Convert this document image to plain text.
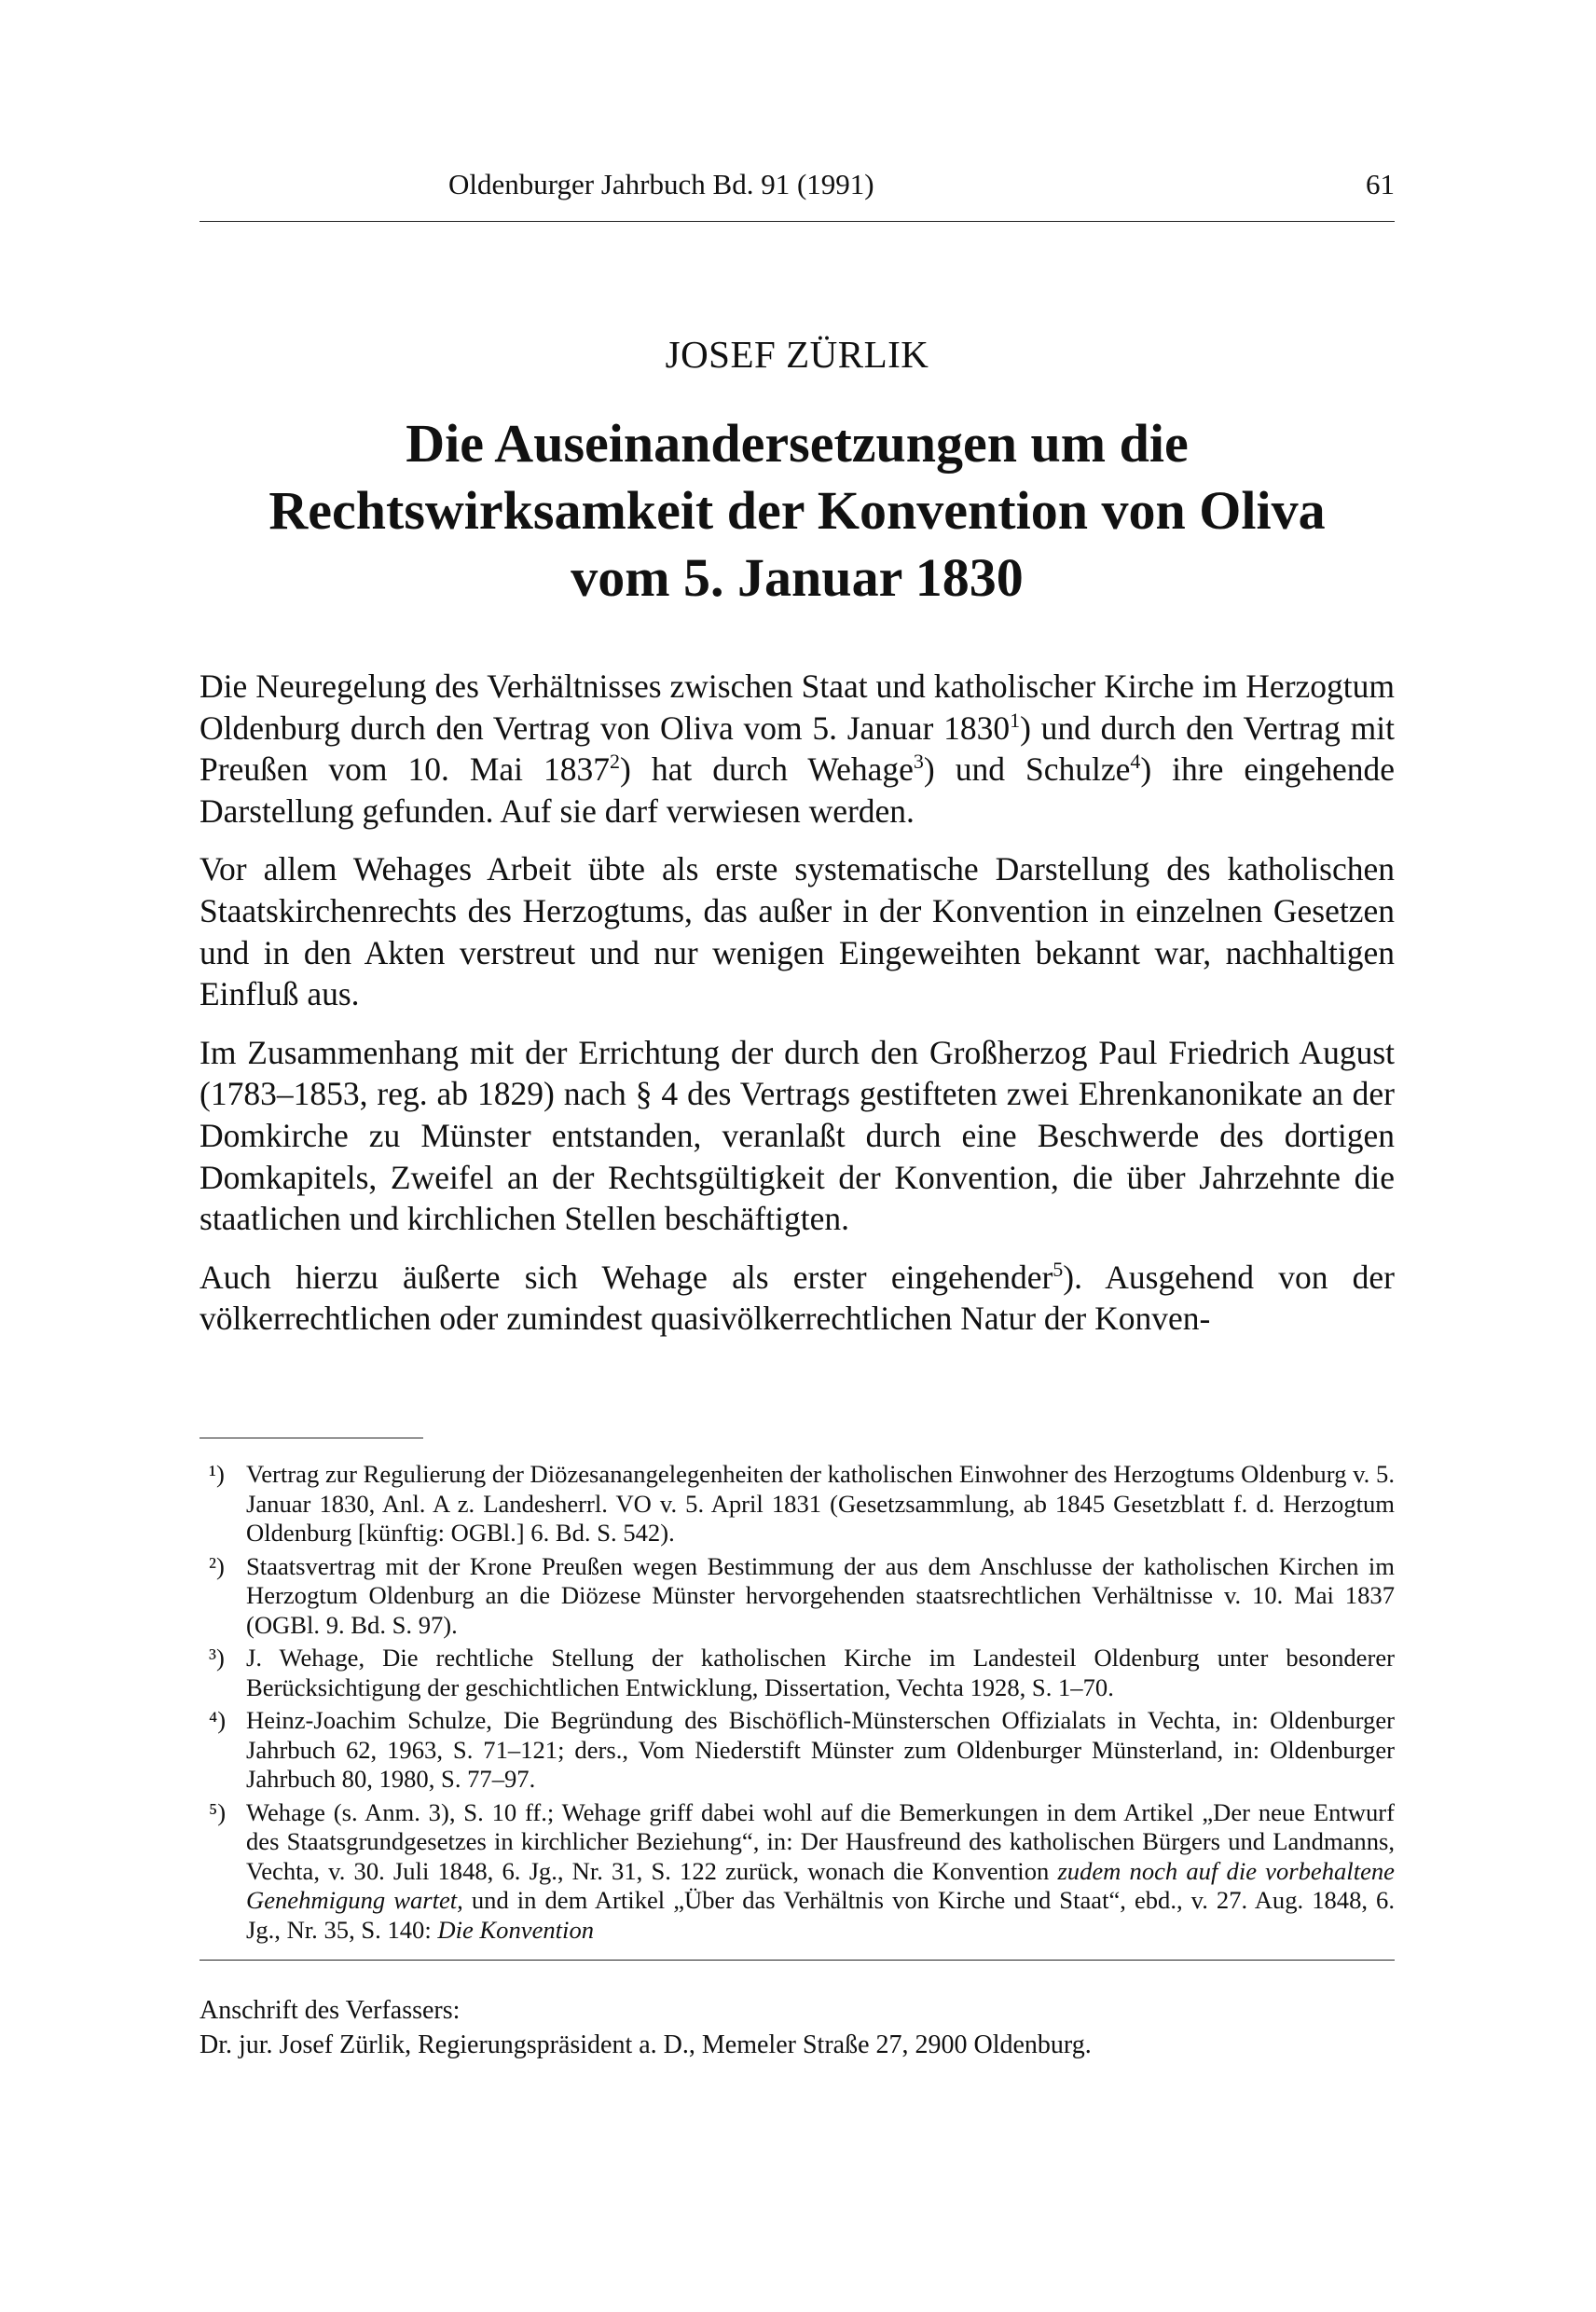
Oldenburger Jahrbuch Bd. 91 (1991)	61
JOSEF ZÜRLIK
Die Auseinandersetzungen um die
Rechtswirksamkeit der Konvention von Oliva
vom 5. Januar 1830

Die Neuregelung des Verhältnisses zwischen Staat und katholischer Kirche im Herzogtum Oldenburg durch den Vertrag von Oliva vom 5. Januar 1830$^1$) und durch den Vertrag mit Preußen vom 10. Mai 1837$^2$) hat durch Wehage$^3$) und Schulze$^4$) ihre eingehende Darstellung gefunden. Auf sie darf verwiesen werden.

Vor allem Wehages Arbeit übte als erste systematische Darstellung des katholischen Staatskirchenrechts des Herzogtums, das außer in der Konvention in einzelnen Gesetzen und in den Akten verstreut und nur wenigen Eingeweihten bekannt war, nachhaltigen Einfluß aus.

Im Zusammenhang mit der Errichtung der durch den Großherzog Paul Friedrich August (1783–1853, reg. ab 1829) nach § 4 des Vertrags gestifteten zwei Ehrenkanonikate an der Domkirche zu Münster entstanden, veranlaßt durch eine Beschwerde des dortigen Domkapitels, Zweifel an der Rechtsgültigkeit der Konvention, die über Jahrzehnte die staatlichen und kirchlichen Stellen beschäftigten.

Auch hierzu äußerte sich Wehage als erster eingehender$^5$). Ausgehend von der völkerrechtlichen oder zumindest quasivölkerrechtlichen Natur der Konven-

¹) Vertrag zur Regulierung der Diözesanangelegenheiten der katholischen Einwohner des Herzogtums Oldenburg v. 5. Januar 1830, Anl. A z. Landesherrl. VO v. 5. April 1831 (Gesetzsammlung, ab 1845 Gesetzblatt f. d. Herzogtum Oldenburg [künftig: OGBl.] 6. Bd. S. 542).
²) Staatsvertrag mit der Krone Preußen wegen Bestimmung der aus dem Anschlusse der katholischen Kirchen im Herzogtum Oldenburg an die Diözese Münster hervorgehenden staatsrechtlichen Verhältnisse v. 10. Mai 1837 (OGBl. 9. Bd. S. 97).
³) J. Wehage, Die rechtliche Stellung der katholischen Kirche im Landesteil Oldenburg unter besonderer Berücksichtigung der geschichtlichen Entwicklung, Dissertation, Vechta 1928, S. 1–70.
⁴) Heinz-Joachim Schulze, Die Begründung des Bischöflich-Münsterschen Offizialats in Vechta, in: Oldenburger Jahrbuch 62, 1963, S. 71–121; ders., Vom Niederstift Münster zum Oldenburger Münsterland, in: Oldenburger Jahrbuch 80, 1980, S. 77–97.
⁵) Wehage (s. Anm. 3), S. 10 ff.; Wehage griff dabei wohl auf die Bemerkungen in dem Artikel „Der neue Entwurf des Staatsgrundgesetzes in kirchlicher Beziehung“, in: Der Hausfreund des katholischen Bürgers und Landmanns, Vechta, v. 30. Juli 1848, 6. Jg., Nr. 31, S. 122 zurück, wonach die Konvention zudem noch auf die vorbehaltene Genehmigung wartet, und in dem Artikel „Über das Verhältnis von Kirche und Staat“, ebd., v. 27. Aug. 1848, 6. Jg., Nr. 35, S. 140: Die Konvention
Anschrift des Verfassers:
Dr. jur. Josef Zürlik, Regierungspräsident a. D., Memeler Straße 27, 2900 Oldenburg.
